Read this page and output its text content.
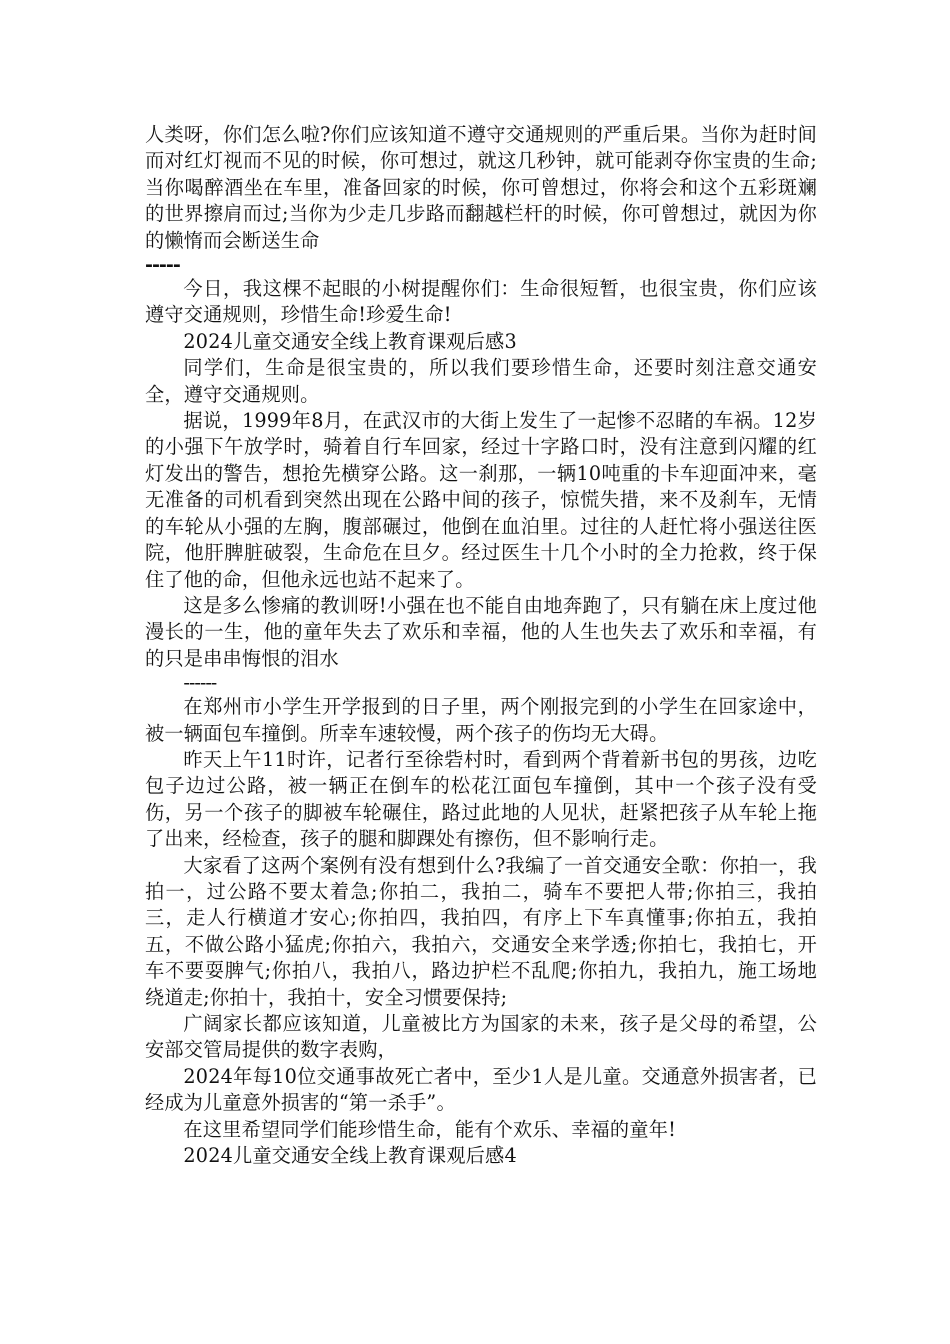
人类呀，你们怎么啦?你们应该知道不遵守交通规则的严重后果。当你为赶时间而对红灯视而不见的时候，你可想过，就这几秒钟，就可能剥夺你宝贵的生命;当你喝醉酒坐在车里，准备回家的时候，你可曾想过，你将会和这个五彩斑斓的世界擦肩而过;当你为少走几步路而翻越栏杆的时候，你可曾想过，就因为你的懒惰而会断送生命

-----

今日，我这棵不起眼的小树提醒你们：生命很短暂，也很宝贵，你们应该遵守交通规则，珍惜生命!珍爱生命!

2024儿童交通安全线上教育课观后感3

同学们，生命是很宝贵的，所以我们要珍惜生命，还要时刻注意交通安全，遵守交通规则。

据说，1999年8月，在武汉市的大街上发生了一起惨不忍睹的车祸。12岁的小强下午放学时，骑着自行车回家，经过十字路口时，没有注意到闪耀的红灯发出的警告，想抢先横穿公路。这一刹那，一辆10吨重的卡车迎面冲来，毫无准备的司机看到突然出现在公路中间的孩子，惊慌失措，来不及刹车，无情的车轮从小强的左胸，腹部碾过，他倒在血泊里。过往的人赶忙将小强送往医院，他肝脾脏破裂，生命危在旦夕。经过医生十几个小时的全力抢救，终于保住了他的命，但他永远也站不起来了。

这是多么惨痛的教训呀!小强在也不能自由地奔跑了，只有躺在床上度过他漫长的一生，他的童年失去了欢乐和幸福，他的人生也失去了欢乐和幸福，有的只是串串悔恨的泪水

------

在郑州市小学生开学报到的日子里，两个刚报完到的小学生在回家途中，被一辆面包车撞倒。所幸车速较慢，两个孩子的伤均无大碍。

昨天上午11时许，记者行至徐砦村时，看到两个背着新书包的男孩，边吃包子边过公路，被一辆正在倒车的松花江面包车撞倒，其中一个孩子没有受伤，另一个孩子的脚被车轮碾住，路过此地的人见状，赶紧把孩子从车轮上拖了出来，经检查，孩子的腿和脚踝处有擦伤，但不影响行走。

大家看了这两个案例有没有想到什么?我编了一首交通安全歌：你拍一，我拍一，过公路不要太着急;你拍二，我拍二，骑车不要把人带;你拍三，我拍三，走人行横道才安心;你拍四，我拍四，有序上下车真懂事;你拍五，我拍五，不做公路小猛虎;你拍六，我拍六，交通安全来学透;你拍七，我拍七，开车不要耍脾气;你拍八，我拍八，路边护栏不乱爬;你拍九，我拍九，施工场地绕道走;你拍十，我拍十，安全习惯要保持;

广阔家长都应该知道，儿童被比方为国家的未来，孩子是父母的希望，公安部交管局提供的数字表购，

2024年每10位交通事故死亡者中，至少1人是儿童。交通意外损害者，已经成为儿童意外损害的“第一杀手”。

在这里希望同学们能珍惜生命，能有个欢乐、幸福的童年!

2024儿童交通安全线上教育课观后感4
